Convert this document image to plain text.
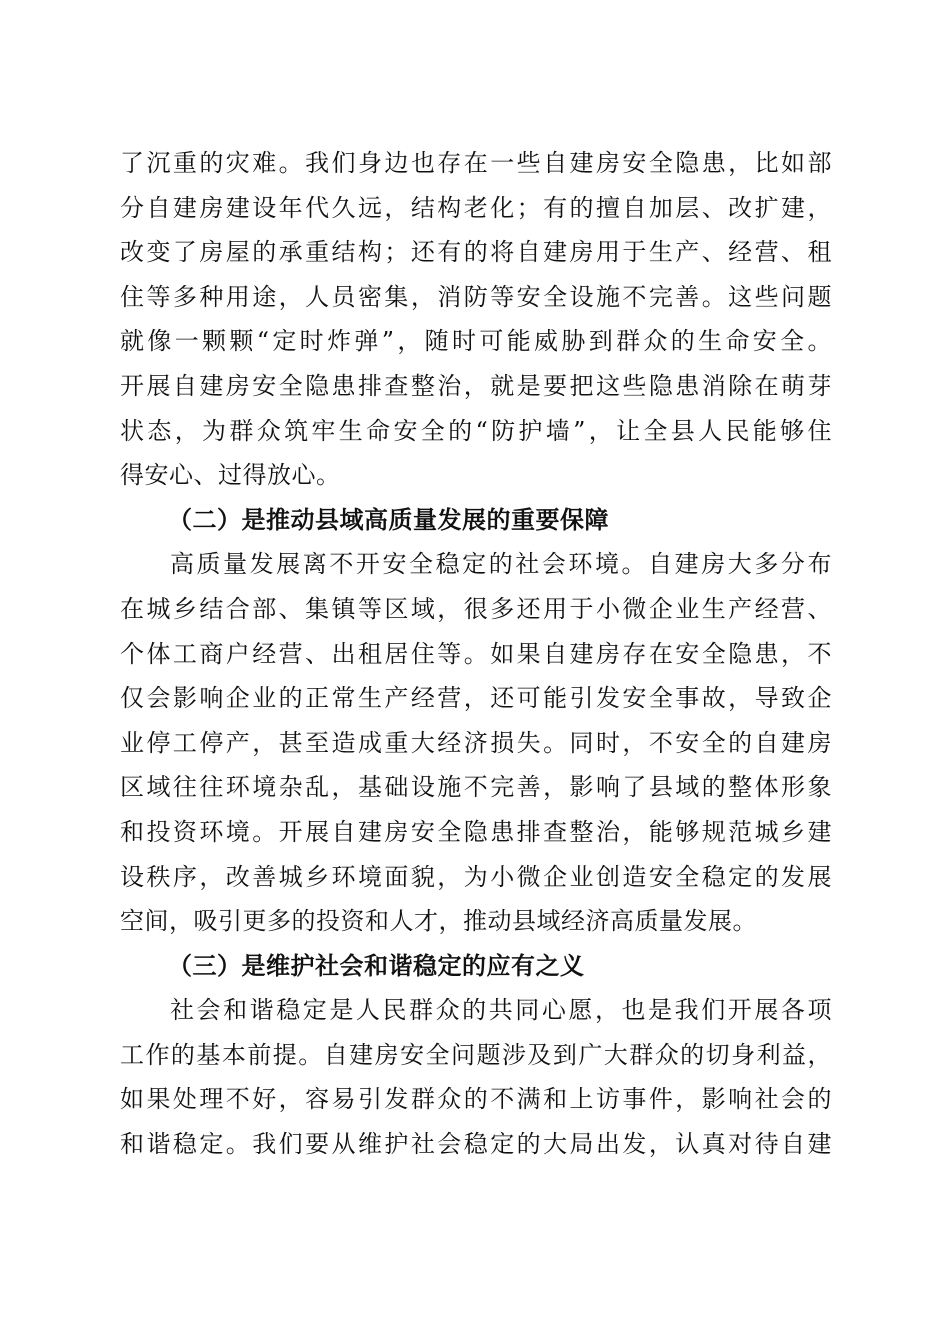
了沉重的灾难。我们身边也存在一些自建房安全隐患，比如部
分自建房建设年代久远，结构老化；有的擅自加层、改扩建，
改变了房屋的承重结构；还有的将自建房用于生产、经营、租
住等多种用途，人员密集，消防等安全设施不完善。这些问题
就像一颗颗“定时炸弹”，随时可能威胁到群众的生命安全。
开展自建房安全隐患排查整治，就是要把这些隐患消除在萌芽
状态，为群众筑牢生命安全的“防护墙”，让全县人民能够住
得安心、过得放心。
（二）是推动县域高质量发展的重要保障
高质量发展离不开安全稳定的社会环境。自建房大多分布
在城乡结合部、集镇等区域，很多还用于小微企业生产经营、
个体工商户经营、出租居住等。如果自建房存在安全隐患，不
仅会影响企业的正常生产经营，还可能引发安全事故，导致企
业停工停产，甚至造成重大经济损失。同时，不安全的自建房
区域往往环境杂乱，基础设施不完善，影响了县域的整体形象
和投资环境。开展自建房安全隐患排查整治，能够规范城乡建
设秩序，改善城乡环境面貌，为小微企业创造安全稳定的发展
空间，吸引更多的投资和人才，推动县域经济高质量发展。
（三）是维护社会和谐稳定的应有之义
社会和谐稳定是人民群众的共同心愿，也是我们开展各项
工作的基本前提。自建房安全问题涉及到广大群众的切身利益，
如果处理不好，容易引发群众的不满和上访事件，影响社会的
和谐稳定。我们要从维护社会稳定的大局出发，认真对待自建
